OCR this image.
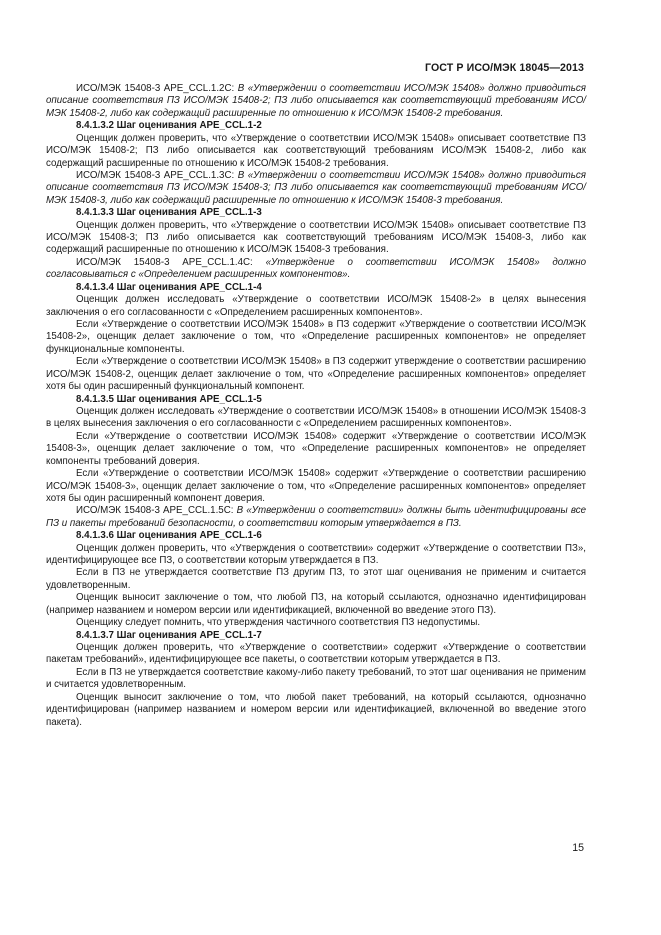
ГОСТ Р ИСО/МЭК 18045—2013

ИСО/МЭК 15408-3 APE_CCL.1.2C: В «Утверждении о соответствии ИСО/МЭК 15408» должно приводиться описание соответствия ПЗ ИСО/МЭК 15408-2; ПЗ либо описывается как соответствующий требованиям ИСО/МЭК 15408-2, либо как содержащий расширенные по отношению к ИСО/МЭК 15408-2 требования.

8.4.1.3.2 Шаг оценивания APE_CCL.1-2

Оценщик должен проверить, что «Утверждение о соответствии ИСО/МЭК 15408» описывает соответствие ПЗ ИСО/МЭК 15408-2; ПЗ либо описывается как соответствующий требованиям ИСО/МЭК 15408-2, либо как содержащий расширенные по отношению к ИСО/МЭК 15408-2 требования.

ИСО/МЭК 15408-3 APE_CCL.1.3C: В «Утверждении о соответствии ИСО/МЭК 15408» должно приводиться описание соответствия ПЗ ИСО/МЭК 15408-3; ПЗ либо описывается как соответствующий требованиям ИСО/МЭК 15408-3, либо как содержащий расширенные по отношению к ИСО/МЭК 15408-3 требования.

8.4.1.3.3 Шаг оценивания APE_CCL.1-3

Оценщик должен проверить, что «Утверждение о соответствии ИСО/МЭК 15408» описывает соответствие ПЗ ИСО/МЭК 15408-3; ПЗ либо описывается как соответствующий требованиям ИСО/МЭК 15408-3, либо как содержащий расширенные по отношению к ИСО/МЭК 15408-3 требования.

ИСО/МЭК 15408-3 APE_CCL.1.4C: «Утверждение о соответствии ИСО/МЭК 15408» должно согласовываться с «Определением расширенных компонентов».

8.4.1.3.4 Шаг оценивания APE_CCL.1-4

Оценщик должен исследовать «Утверждение о соответствии ИСО/МЭК 15408-2» в целях вынесения заключения о его согласованности с «Определением расширенных компонентов».

Если «Утверждение о соответствии ИСО/МЭК 15408» в ПЗ содержит «Утверждение о соответствии ИСО/МЭК 15408-2», оценщик делает заключение о том, что «Определение расширенных компонентов» не определяет функциональные компоненты.

Если «Утверждение о соответствии ИСО/МЭК 15408» в ПЗ содержит утверждение о соответствии расширению ИСО/МЭК 15408-2, оценщик делает заключение о том, что «Определение расширенных компонентов» определяет хотя бы один расширенный функциональный компонент.

8.4.1.3.5 Шаг оценивания APE_CCL.1-5

Оценщик должен исследовать «Утверждение о соответствии ИСО/МЭК 15408» в отношении ИСО/МЭК 15408-3 в целях вынесения заключения о его согласованности с «Определением расширенных компонентов».

Если «Утверждение о соответствии ИСО/МЭК 15408» содержит «Утверждение о соответствии ИСО/МЭК 15408-3», оценщик делает заключение о том, что «Определение расширенных компонентов» не определяет компоненты требований доверия.

Если «Утверждение о соответствии ИСО/МЭК 15408» содержит «Утверждение о соответствии расширению ИСО/МЭК 15408-3», оценщик делает заключение о том, что «Определение расширенных компонентов» определяет хотя бы один расширенный компонент доверия.

ИСО/МЭК 15408-3 APE_CCL.1.5C: В «Утверждении о соответствии» должны быть идентифицированы все ПЗ и пакеты требований безопасности, о соответствии которым утверждается в ПЗ.

8.4.1.3.6 Шаг оценивания APE_CCL.1-6

Оценщик должен проверить, что «Утверждения о соответствии» содержит «Утверждение о соответствии ПЗ», идентифицирующее все ПЗ, о соответствии которым утверждается в ПЗ.

Если в ПЗ не утверждается соответствие ПЗ другим ПЗ, то этот шаг оценивания не применим и считается удовлетворенным.

Оценщик выносит заключение о том, что любой ПЗ, на который ссылаются, однозначно идентифицирован (например названием и номером версии или идентификацией, включенной во введение этого ПЗ).

Оценщику следует помнить, что утверждения частичного соответствия ПЗ недопустимы.

8.4.1.3.7 Шаг оценивания APE_CCL.1-7

Оценщик должен проверить, что «Утверждение о соответствии» содержит «Утверждение о соответствии пакетам требований», идентифицирующее все пакеты, о соответствии которым утверждается в ПЗ.

Если в ПЗ не утверждается соответствие какому-либо пакету требований, то этот шаг оценивания не применим и считается удовлетворенным.

Оценщик выносит заключение о том, что любой пакет требований, на который ссылаются, однозначно идентифицирован (например названием и номером версии или идентификацией, включенной во введение этого пакета).

15
